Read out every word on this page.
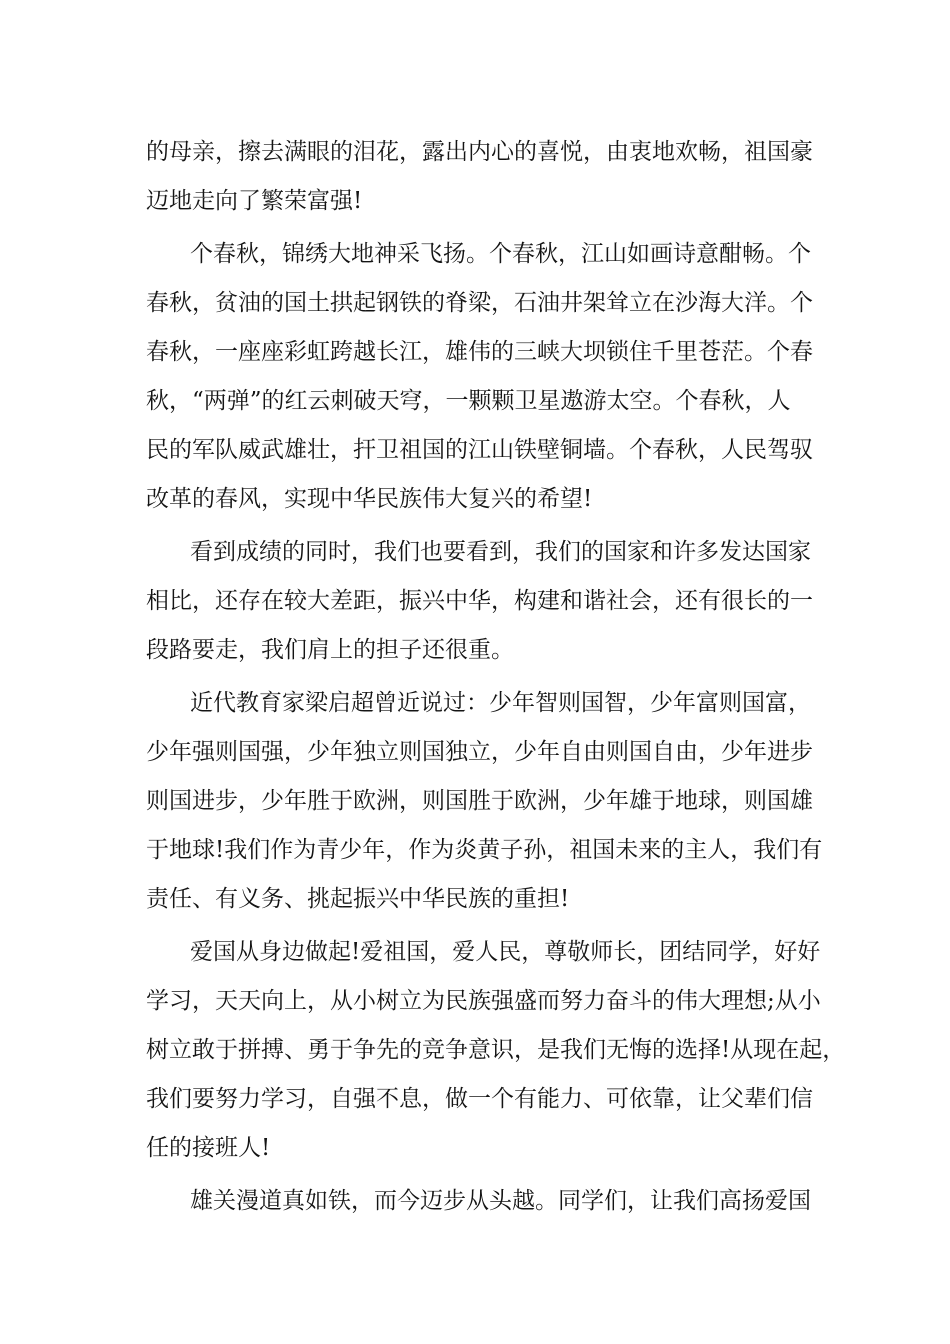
的母亲，擦去满眼的泪花，露出内心的喜悦，由衷地欢畅，祖国豪
迈地走向了繁荣富强!

个春秋，锦绣大地神采飞扬。个春秋，江山如画诗意酣畅。个
春秋，贫油的国土拱起钢铁的脊梁，石油井架耸立在沙海大洋。个
春秋，一座座彩虹跨越长江，雄伟的三峡大坝锁住千里苍茫。个春
秋，“两弹”的红云刺破天穹，一颗颗卫星遨游太空。个春秋，人
民的军队威武雄壮，扞卫祖国的江山铁壁铜墙。个春秋，人民驾驭
改革的春风，实现中华民族伟大复兴的希望!

看到成绩的同时，我们也要看到，我们的国家和许多发达国家
相比，还存在较大差距，振兴中华，构建和谐社会，还有很长的一
段路要走，我们肩上的担子还很重。

近代教育家梁启超曾近说过：少年智则国智，少年富则国富，
少年强则国强，少年独立则国独立，少年自由则国自由，少年进步
则国进步，少年胜于欧洲，则国胜于欧洲，少年雄于地球，则国雄
于地球!我们作为青少年，作为炎黄子孙，祖国未来的主人，我们有
责任、有义务、挑起振兴中华民族的重担!

爱国从身边做起!爱祖国，爱人民，尊敬师长，团结同学，好好
学习，天天向上，从小树立为民族强盛而努力奋斗的伟大理想;从小
树立敢于拼搏、勇于争先的竞争意识，是我们无悔的选择!从现在起，
我们要努力学习，自强不息，做一个有能力、可依靠，让父辈们信
任的接班人!

雄关漫道真如铁，而今迈步从头越。同学们，让我们高扬爱国
